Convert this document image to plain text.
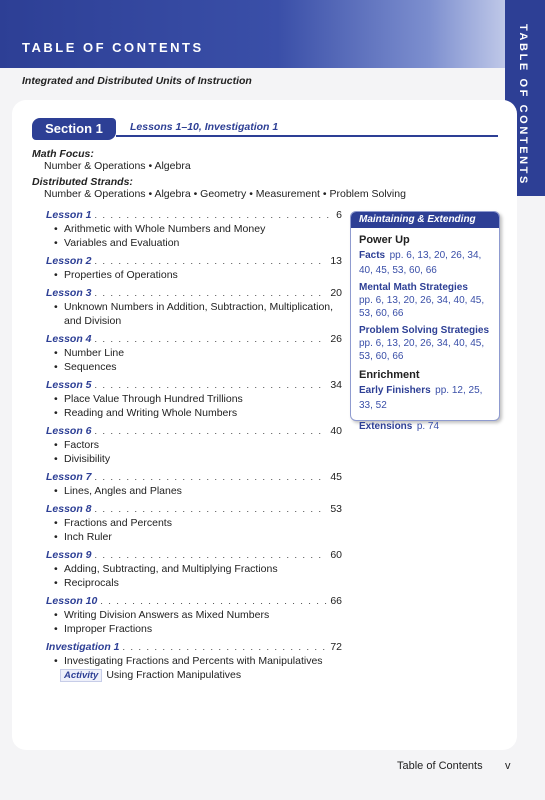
TABLE OF CONTENTS	TABLE OF CONTENTS
Integrated and Distributed Units of Instruction
Section 1	Lessons 1–10, Investigation 1
Math Focus:
Number & Operations • Algebra
Distributed Strands:
Number & Operations • Algebra • Geometry • Measurement • Problem Solving
Lesson 1 . . .	6
• Arithmetic with Whole Numbers and Money
• Variables and Evaluation
Lesson 2 . . .	13
• Properties of Operations
Lesson 3 . . .	20
• Unknown Numbers in Addition, Subtraction, Multiplication, and Division
Lesson 4 . . .	26
• Number Line
• Sequences
Lesson 5 . . .	34
• Place Value Through Hundred Trillions
• Reading and Writing Whole Numbers
Lesson 6 . . .	40
• Factors
• Divisibility
Lesson 7 . . .	45
• Lines, Angles and Planes
Lesson 8 . . .	53
• Fractions and Percents
• Inch Ruler
Lesson 9 . . .	60
• Adding, Subtracting, and Multiplying Fractions
• Reciprocals
Lesson 10 . . .	66
• Writing Division Answers as Mixed Numbers
• Improper Fractions
Investigation 1 . . .	72
• Investigating Fractions and Percents with Manipulatives
Activity Using Fraction Manipulatives
Maintaining & Extending
Power Up
Facts pp. 6, 13, 20, 26, 34, 40, 45, 53, 60, 66
Mental Math Strategies
pp. 6, 13, 20, 26, 34, 40, 45, 53, 60, 66
Problem Solving Strategies
pp. 6, 13, 20, 26, 34, 40, 45, 53, 60, 66
Enrichment
Early Finishers pp. 12, 25, 33, 52
Extensions p. 74
Table of Contents v
